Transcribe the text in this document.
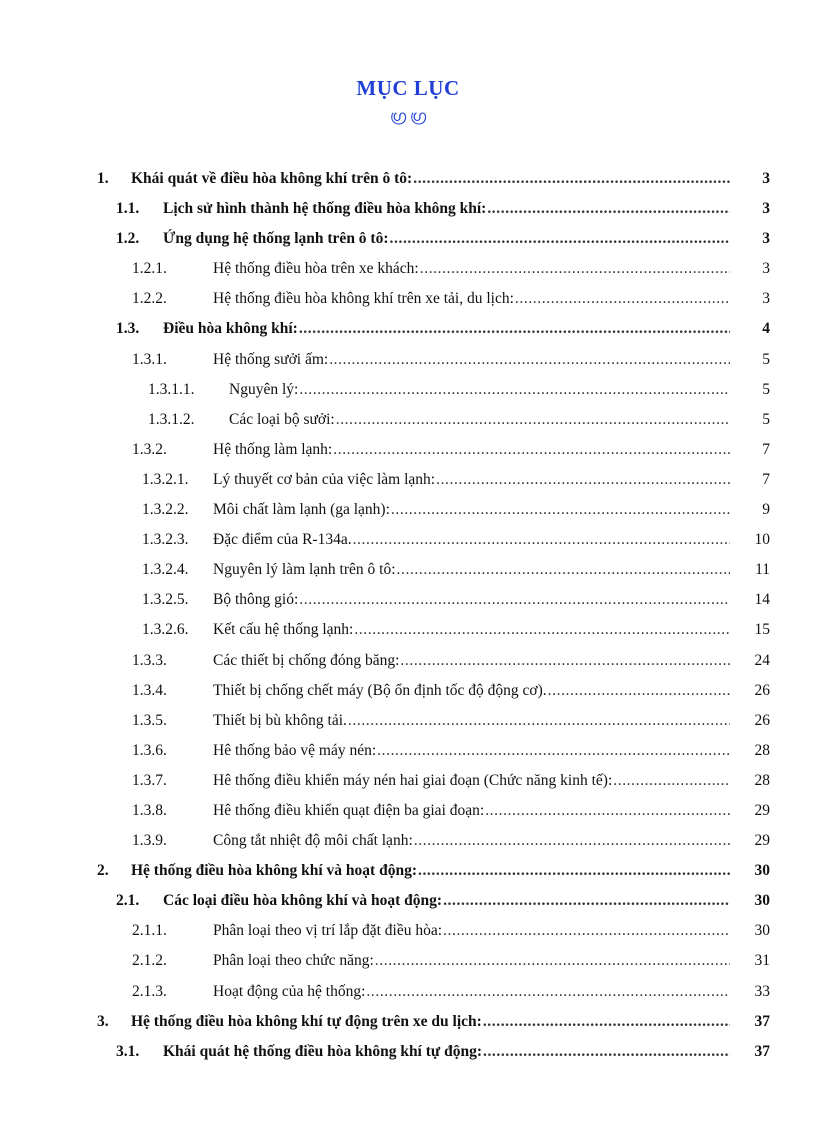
MỤC LỤC
ഗ്ര ഗ്ര
1. Khái quát về điều hòa không khí trên ô tô: .....	3
1.1. Lịch sử hình thành hệ thống điều hòa không khí: .....	3
1.2. Ứng dụng hệ thống lạnh trên ô tô: .....	3
1.2.1.	Hệ thống điều hòa trên xe khách: .....	3
1.2.2.	Hệ thống điều hòa không khí trên xe tải, du lịch: .....	3
1.3. Điều hòa không khí: .....	4
1.3.1.	Hệ thống sưởi ấm: .....	5
1.3.1.1. Nguyên lý: .....	5
1.3.1.2. Các loại bộ sưởi: .....	5
1.3.2.	Hệ thống làm lạnh: .....	7
1.3.2.1. Lý thuyết cơ bản của việc làm lạnh: .....	7
1.3.2.2. Môi chất làm lạnh (ga lạnh): .....	9
1.3.2.3. Đặc điểm của R-134a. .....	10
1.3.2.4. Nguyên lý làm lạnh trên ô tô: .....	11
1.3.2.5. Bộ thông gió: .....	14
1.3.2.6. Kết cấu hệ thống lạnh: .....	15
1.3.3.	Các thiết bị chống đóng băng: .....	24
1.3.4.	Thiết bị chống chết máy (Bộ ổn định tốc độ động cơ). .....	26
1.3.5.	Thiết bị bù không tải. .....	26
1.3.6.	Hê thống bảo vệ máy nén: .....	28
1.3.7.	Hê thống điều khiển máy nén hai giai đoạn (Chức năng kinh tế): .....	28
1.3.8.	Hê thống điều khiển quạt điện ba giai đoạn: .....	29
1.3.9.	Công tắt nhiệt độ môi chất lạnh: .....	29
2. Hệ thống điều hòa không khí và hoạt động: .....	30
2.1. Các loại điều hòa không khí và hoạt động: .....	30
2.1.1.	Phân loại theo vị trí lắp đặt điều hòa: .....	30
2.1.2.	Phân loại theo chức năng: .....	31
2.1.3.	Hoạt động của hệ thống: .....	33
3. Hệ thống điều hòa không khí tự động trên xe du lịch: .....	37
3.1. Khái quát hệ thống điều hòa không khí tự động: .....	37
